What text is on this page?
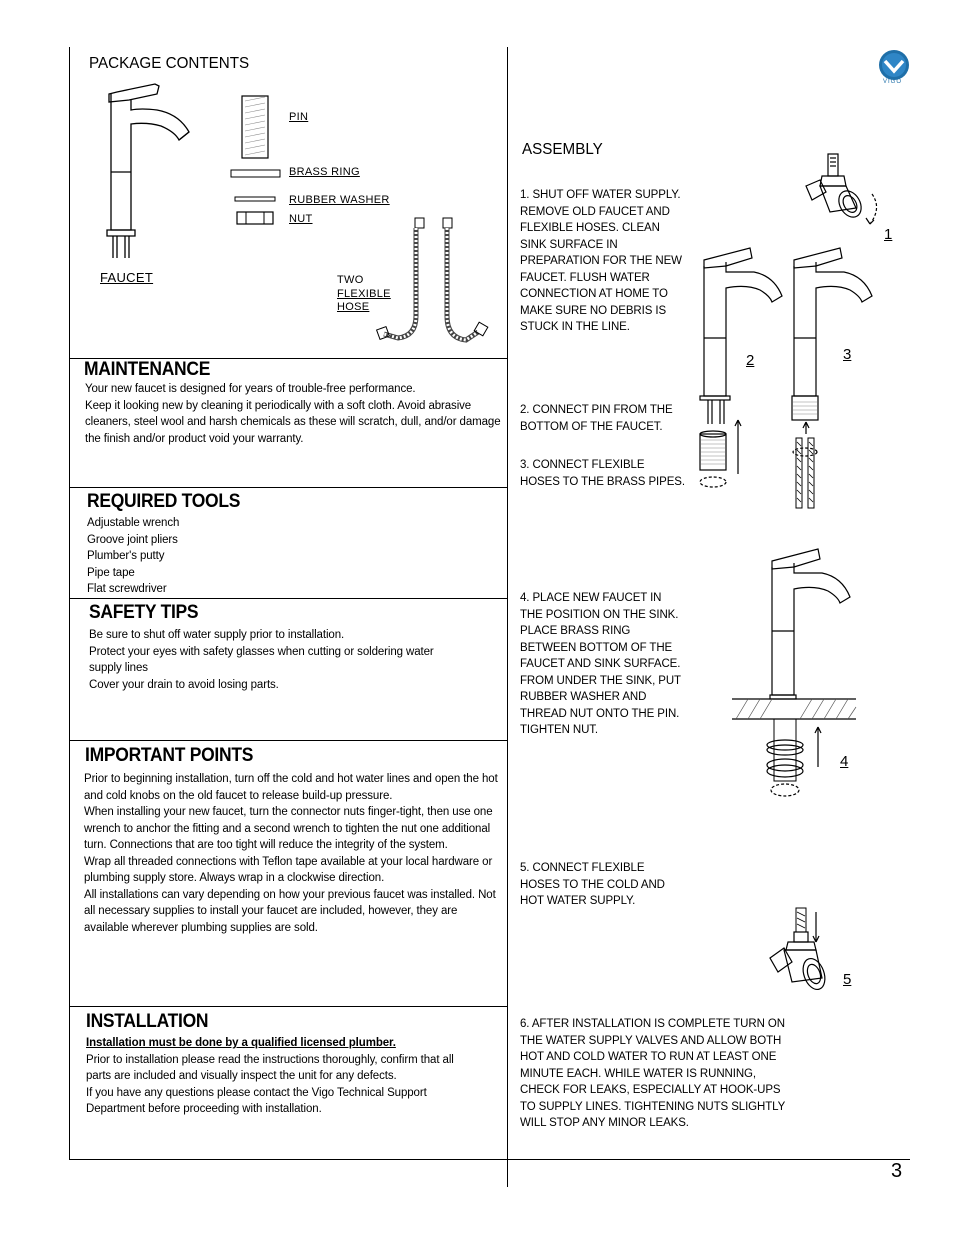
PACKAGE CONTENTS
FAUCET
PIN
BRASS RING
RUBBER WASHER
NUT
TWO
FLEXIBLE
HOSE
VIGO
MAINTENANCE
Your new faucet is designed for years of trouble-free performance.
Keep it looking new by cleaning it periodically with a soft cloth. Avoid abrasive
cleaners, steel wool and harsh chemicals as these will scratch, dull, and/or damage
the finish and/or product void your warranty.
REQUIRED TOOLS
Adjustable wrench
Groove joint pliers
Plumber's putty
Pipe tape
Flat screwdriver
SAFETY TIPS
Be sure to shut off water supply prior to installation.
Protect your eyes with safety glasses when cutting or soldering water
supply lines
Cover your drain to avoid losing parts.
IMPORTANT POINTS
Prior to beginning installation, turn off the cold and hot water lines and open the hot
and cold knobs on the old faucet to release build-up pressure.
When installing your new faucet, turn the connector nuts finger-tight, then use one
wrench to anchor the fitting and a second wrench to tighten the nut one additional
turn. Connections that are too tight will reduce the integrity of the system.
Wrap all threaded connections with Teflon tape available at your local hardware or
plumbing supply store. Always wrap in a clockwise direction.
All installations can vary depending on how your previous faucet was installed. Not
all necessary supplies to install your faucet are included, however, they are
available wherever plumbing supplies are sold.
INSTALLATION
Installation must be done by a qualified licensed plumber.
Prior to installation please read the instructions thoroughly, confirm that all
parts are included and visually inspect the unit for any defects.
If you have any questions please contact the Vigo Technical Support
Department before proceeding with installation.
ASSEMBLY
1. SHUT OFF WATER SUPPLY.
REMOVE OLD FAUCET AND
FLEXIBLE HOSES. CLEAN
SINK SURFACE IN
PREPARATION FOR THE NEW
FAUCET. FLUSH WATER
CONNECTION AT HOME TO
MAKE SURE NO DEBRIS IS
STUCK IN THE LINE.
2. CONNECT PIN FROM THE
BOTTOM OF THE FAUCET.
3. CONNECT FLEXIBLE
HOSES TO THE BRASS PIPES.
4. PLACE NEW FAUCET IN
THE POSITION ON THE SINK.
PLACE BRASS RING
BETWEEN BOTTOM OF THE
FAUCET AND SINK SURFACE.
FROM UNDER THE SINK, PUT
RUBBER WASHER AND
THREAD NUT ONTO THE PIN.
TIGHTEN NUT.
5. CONNECT FLEXIBLE
HOSES TO THE COLD AND
HOT WATER SUPPLY.
6. AFTER INSTALLATION IS COMPLETE TURN ON
THE WATER SUPPLY VALVES AND ALLOW BOTH
HOT AND COLD WATER TO RUN AT LEAST ONE
MINUTE EACH. WHILE WATER IS RUNNING,
CHECK FOR LEAKS, ESPECIALLY AT HOOK-UPS
TO SUPPLY LINES. TIGHTENING NUTS SLIGHTLY
WILL STOP ANY MINOR LEAKS.
1
2	3
4
5
3
